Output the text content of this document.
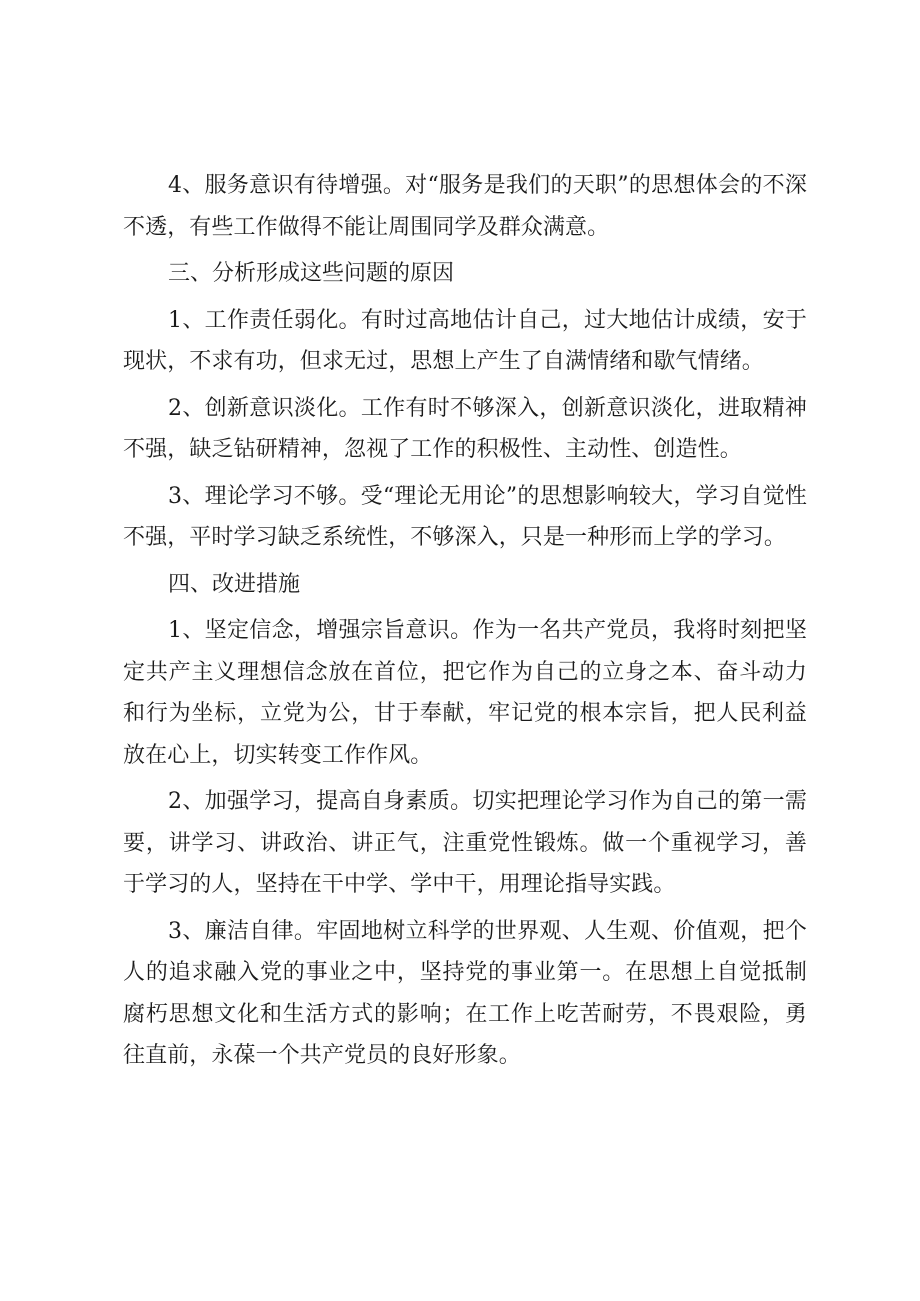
4、服务意识有待增强。对“服务是我们的天职”的思想体会的不深不透，有些工作做得不能让周围同学及群众满意。

三、分析形成这些问题的原因

1、工作责任弱化。有时过高地估计自己，过大地估计成绩，安于现状，不求有功，但求无过，思想上产生了自满情绪和歇气情绪。

2、创新意识淡化。工作有时不够深入，创新意识淡化，进取精神不强，缺乏钻研精神，忽视了工作的积极性、主动性、创造性。

3、理论学习不够。受“理论无用论”的思想影响较大，学习自觉性不强，平时学习缺乏系统性，不够深入，只是一种形而上学的学习。

四、改进措施

1、坚定信念，增强宗旨意识。作为一名共产党员，我将时刻把坚定共产主义理想信念放在首位，把它作为自己的立身之本、奋斗动力和行为坐标，立党为公，甘于奉献，牢记党的根本宗旨，把人民利益放在心上，切实转变工作作风。

2、加强学习，提高自身素质。切实把理论学习作为自己的第一需要，讲学习、讲政治、讲正气，注重党性锻炼。做一个重视学习，善于学习的人，坚持在干中学、学中干，用理论指导实践。

3、廉洁自律。牢固地树立科学的世界观、人生观、价值观，把个人的追求融入党的事业之中，坚持党的事业第一。在思想上自觉抵制腐朽思想文化和生活方式的影响；在工作上吃苦耐劳，不畏艰险，勇往直前，永葆一个共产党员的良好形象。
